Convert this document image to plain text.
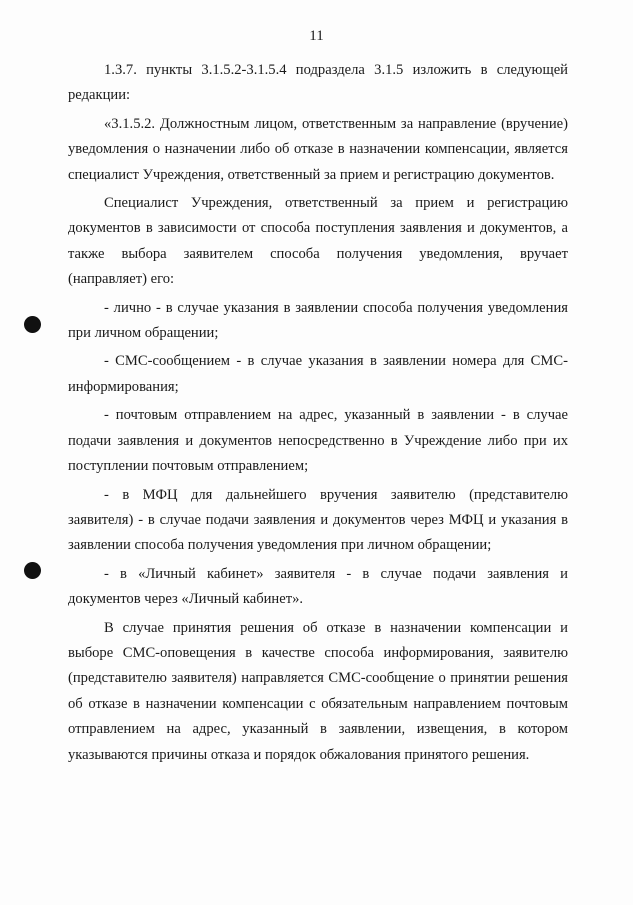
11

1.3.7. пункты 3.1.5.2-3.1.5.4 подраздела 3.1.5 изложить в следующей редакции:

«3.1.5.2. Должностным лицом, ответственным за направление (вручение) уведомления о назначении либо об отказе в назначении компенсации, является специалист Учреждения, ответственный за прием и регистрацию документов.

Специалист Учреждения, ответственный за прием и регистрацию документов в зависимости от способа поступления заявления и документов, а также выбора заявителем способа получения уведомления, вручает (направляет) его:

- лично - в случае указания в заявлении способа получения уведомления при личном обращении;

- СМС-сообщением - в случае указания в заявлении номера для СМС-информирования;

- почтовым отправлением на адрес, указанный в заявлении - в случае подачи заявления и документов непосредственно в Учреждение либо при их поступлении почтовым отправлением;

- в МФЦ для дальнейшего вручения заявителю (представителю заявителя) - в случае подачи заявления и документов через МФЦ и указания в заявлении способа получения уведомления при личном обращении;

- в «Личный кабинет» заявителя - в случае подачи заявления и документов через «Личный кабинет».

В случае принятия решения об отказе в назначении компенсации и выборе СМС-оповещения в качестве способа информирования, заявителю (представителю заявителя) направляется СМС-сообщение о принятии решения об отказе в назначении компенсации с обязательным направлением почтовым отправлением на адрес, указанный в заявлении, извещения, в котором указываются причины отказа и порядок обжалования принятого решения.
